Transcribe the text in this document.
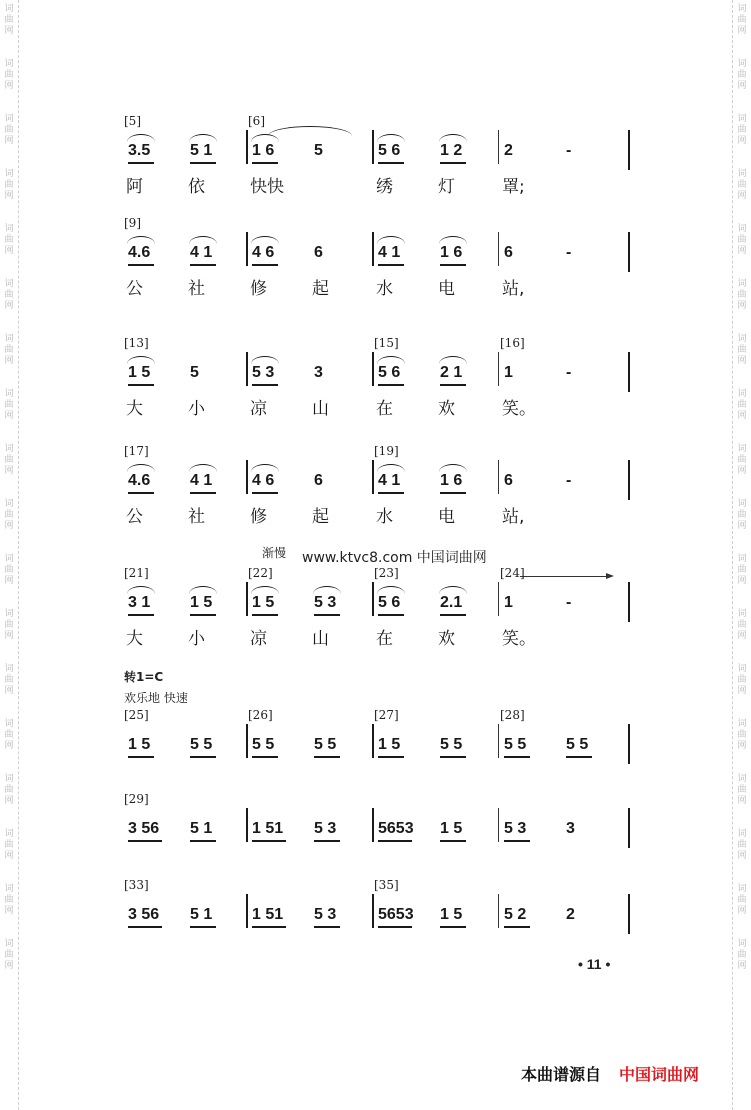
词
曲
网
词
曲
网
词
曲
网
词
曲
网
词
曲
网
词
曲
网
词
曲
网
词
曲
网
词
曲
网
词
曲
网
词
曲
网
词
曲
网
词
曲
网
词
曲
网
词
曲
网
词
曲
网
词
曲
网
词
曲
网
词
曲
网
词
曲
网
词
曲
网
词
曲
网
词
曲
网
词
曲
网
词
曲
网
词
曲
网
词
曲
网
词
曲
网
词
曲
网
词
曲
网
词
曲
网
词
曲
网
词
曲
网
词
曲
网
词
曲
网
词
曲
网
渐慢 www.ktvc8.com 中国词曲网
转1=C
欢乐地 快速
• 11 •
本曲谱源自 中国词曲网
[5]
3.5 5 1
阿	依
[6]
1 6 5
快快
5 6 1 2
绣	灯
2	-
罩;
[9]
4.6 4 1
公	社
4 6 6
修	起
4 1 1 6
水	电
6	-
站,
[13]
1 5 5
大	小
5 3 3
凉	山
[15]
5 6 2 1
在	欢
[16]
1	-
笑。
[17]
4.6 4 1
公	社
4 6 6
修	起
[19]
4 1 1 6
水	电
6	-
站,
[21]
3 1 1 5
大	小
[22]
1 5 5 3
凉	山
[23]
5 6 2.1
在	欢
[24]
1	-
笑。
[25]
1 5 5 5
[26]
5 5 5 5
[27]
1 5 5 5
[28]
5 5 5 5
[29]
3 56 5 1 1 51 5 3	5653 1 5	5 3 3
[33]
3 56 5 1 1 51 5 3
[35]
5653 1 5	5 2 2
